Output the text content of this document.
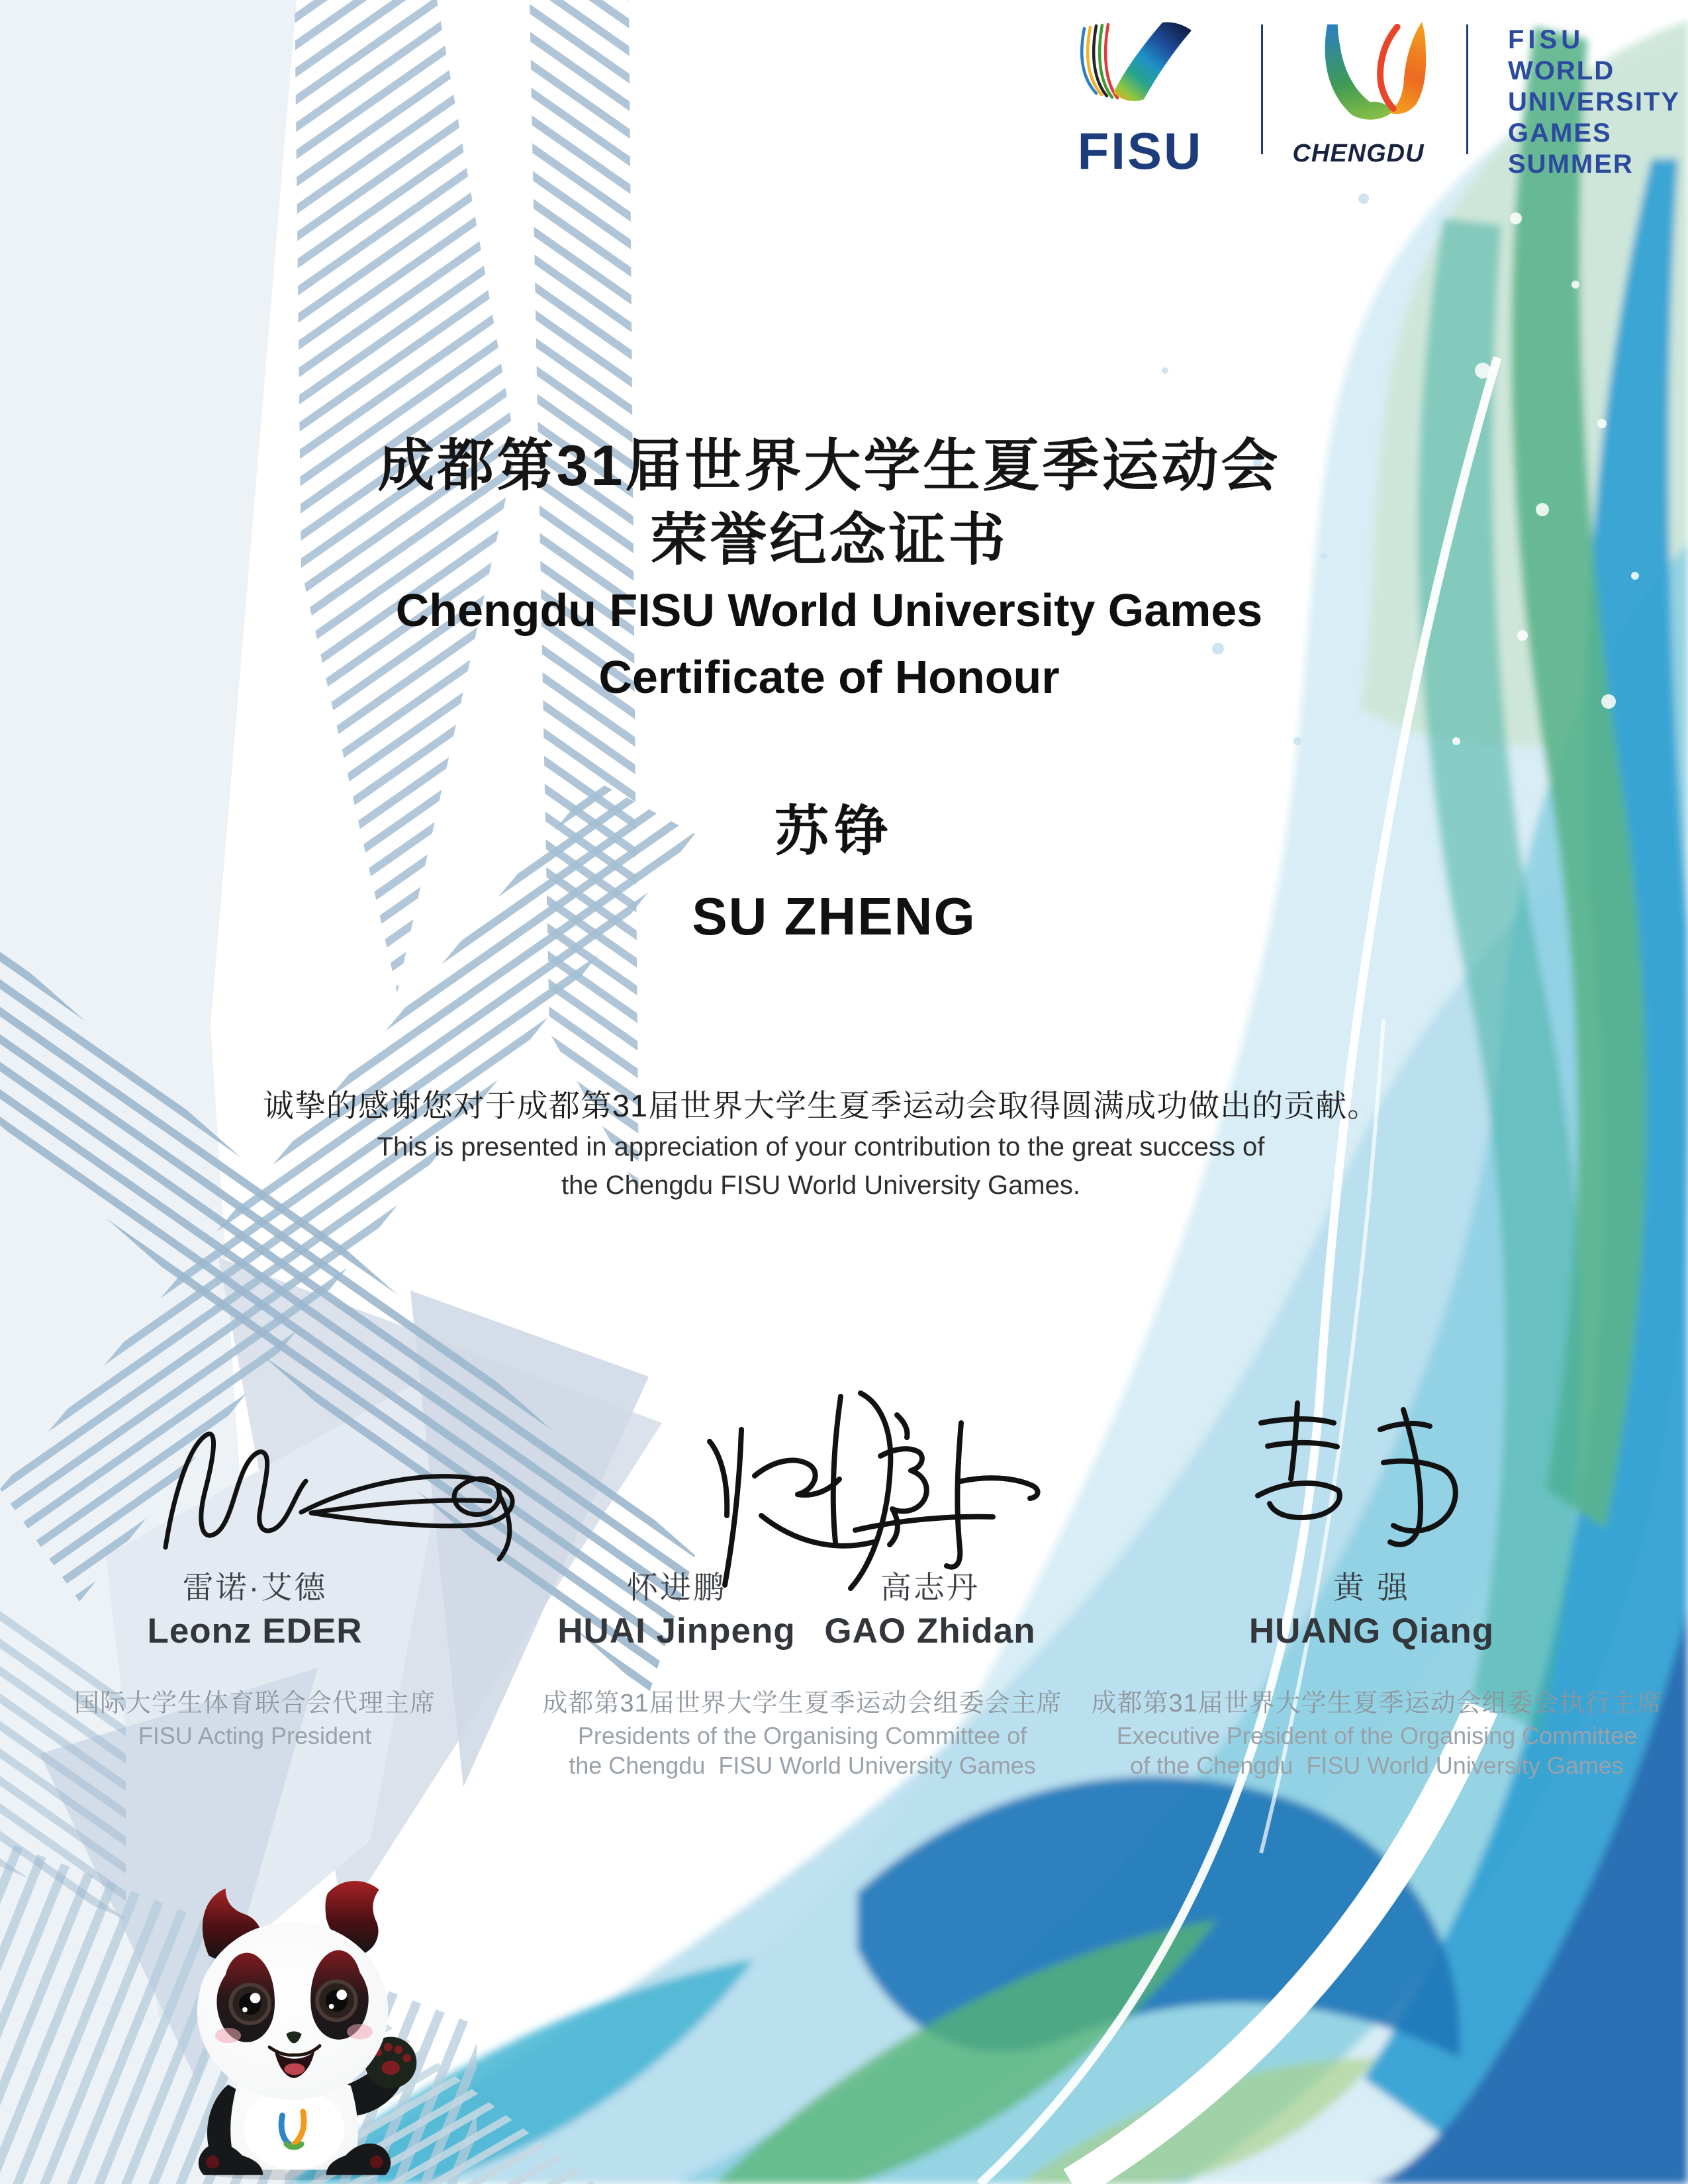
FISU	CHENGDU
FISU
WORLD
UNIVERSITY
GAMES
SUMMER
成都第31届世界大学生夏季运动会
荣誉纪念证书
Chengdu FISU World University Games
Certificate of Honour
苏铮
SU ZHENG
诚挚的感谢您对于成都第31届世界大学生夏季运动会取得圆满成功做出的贡献。
This is presented in appreciation of your contribution to the great success of
the Chengdu FISU World University Games.
雷诺·艾德
Leonz EDER
怀进鹏
HUAI Jinpeng
高志丹
GAO Zhidan
黄 强
HUANG Qiang
国际大学生体育联合会代理主席
FISU Acting President
成都第31届世界大学生夏季运动会组委会主席
Presidents of the Organising Committee of
the Chengdu  FISU World University Games
成都第31届世界大学生夏季运动会组委会执行主席
Executive President of the Organising Committee
of the Chengdu  FISU World University Games
